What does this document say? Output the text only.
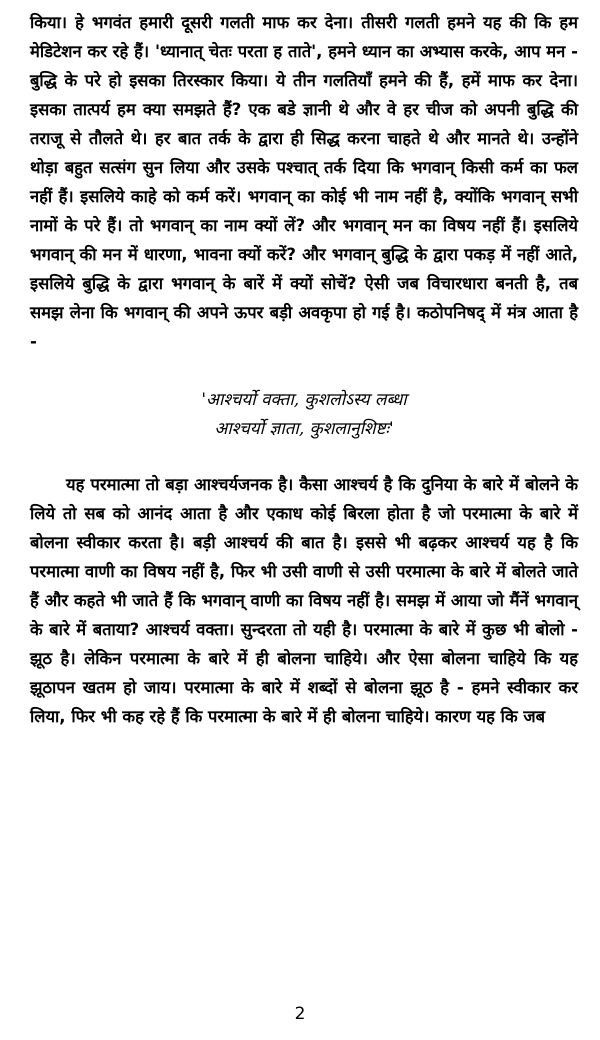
किया। हे भगवंत हमारी दूसरी गलती माफ कर देना। तीसरी गलती हमने यह की कि हम मेडिटेशन कर रहे हैं। 'ध्यानात् चेतः परता ह ताते', हमने ध्यान का अभ्यास करके, आप मन - बुद्धि के परे हो इसका तिरस्कार किया। ये तीन गलतियाँ हमने की हैं, हमें माफ कर देना। इसका तात्पर्य हम क्या समझते हैं? एक बडे ज्ञानी थे और वे हर चीज को अपनी बुद्धि की तराजू से तौलते थे। हर बात तर्क के द्वारा ही सिद्ध करना चाहते थे और मानते थे। उन्होंने थोड़ा बहुत सत्संग सुन लिया और उसके पश्चात् तर्क दिया कि भगवान् किसी कर्म का फल नहीं हैं। इसलिये काहे को कर्म करें। भगवान् का कोई भी नाम नहीं है, क्योंकि भगवान् सभी नामों के परे हैं। तो भगवान् का नाम क्यों लें? और भगवान् मन का विषय नहीं हैं। इसलिये भगवान् की मन में धारणा, भावना क्यों करें? और भगवान् बुद्धि के द्वारा पकड़ में नहीं आते, इसलिये बुद्धि के द्वारा भगवान् के बारें में क्यों सोचें? ऐसी जब विचारधारा बनती है, तब समझ लेना कि भगवान् की अपने ऊपर बड़ी अवकृपा हो गई है। कठोपनिषद् में मंत्र आता है -

'आश्चर्यो वक्ता, कुशलोऽस्य लब्धा
आश्चर्यो ज्ञाता, कुशलानुशिष्टः'

यह परमात्मा तो बड़ा आश्चर्यजनक है। कैसा आश्चर्य है कि दुनिया के बारे में बोलने के लिये तो सब को आनंद आता है और एकाध कोई बिरला होता है जो परमात्मा के बारे में बोलना स्वीकार करता है। बड़ी आश्चर्य की बात है। इससे भी बढ़कर आश्चर्य यह है कि परमात्मा वाणी का विषय नहीं है, फिर भी उसी वाणी से उसी परमात्मा के बारे में बोलते जाते हैं और कहते भी जाते हैं कि भगवान् वाणी का विषय नहीं है। समझ में आया जो मैंनें भगवान् के बारे में बताया? आश्चर्य वक्ता। सुन्दरता तो यही है। परमात्मा के बारे में कुछ भी बोलो - झूठ है। लेकिन परमात्मा के बारे में ही बोलना चाहिये। और ऐसा बोलना चाहिये कि यह झूठापन खतम हो जाय। परमात्मा के बारे में शब्दों से बोलना झूठ है - हमने स्वीकार कर लिया, फिर भी कह रहे हैं कि परमात्मा के बारे में ही बोलना चाहिये। कारण यह कि जब

2
